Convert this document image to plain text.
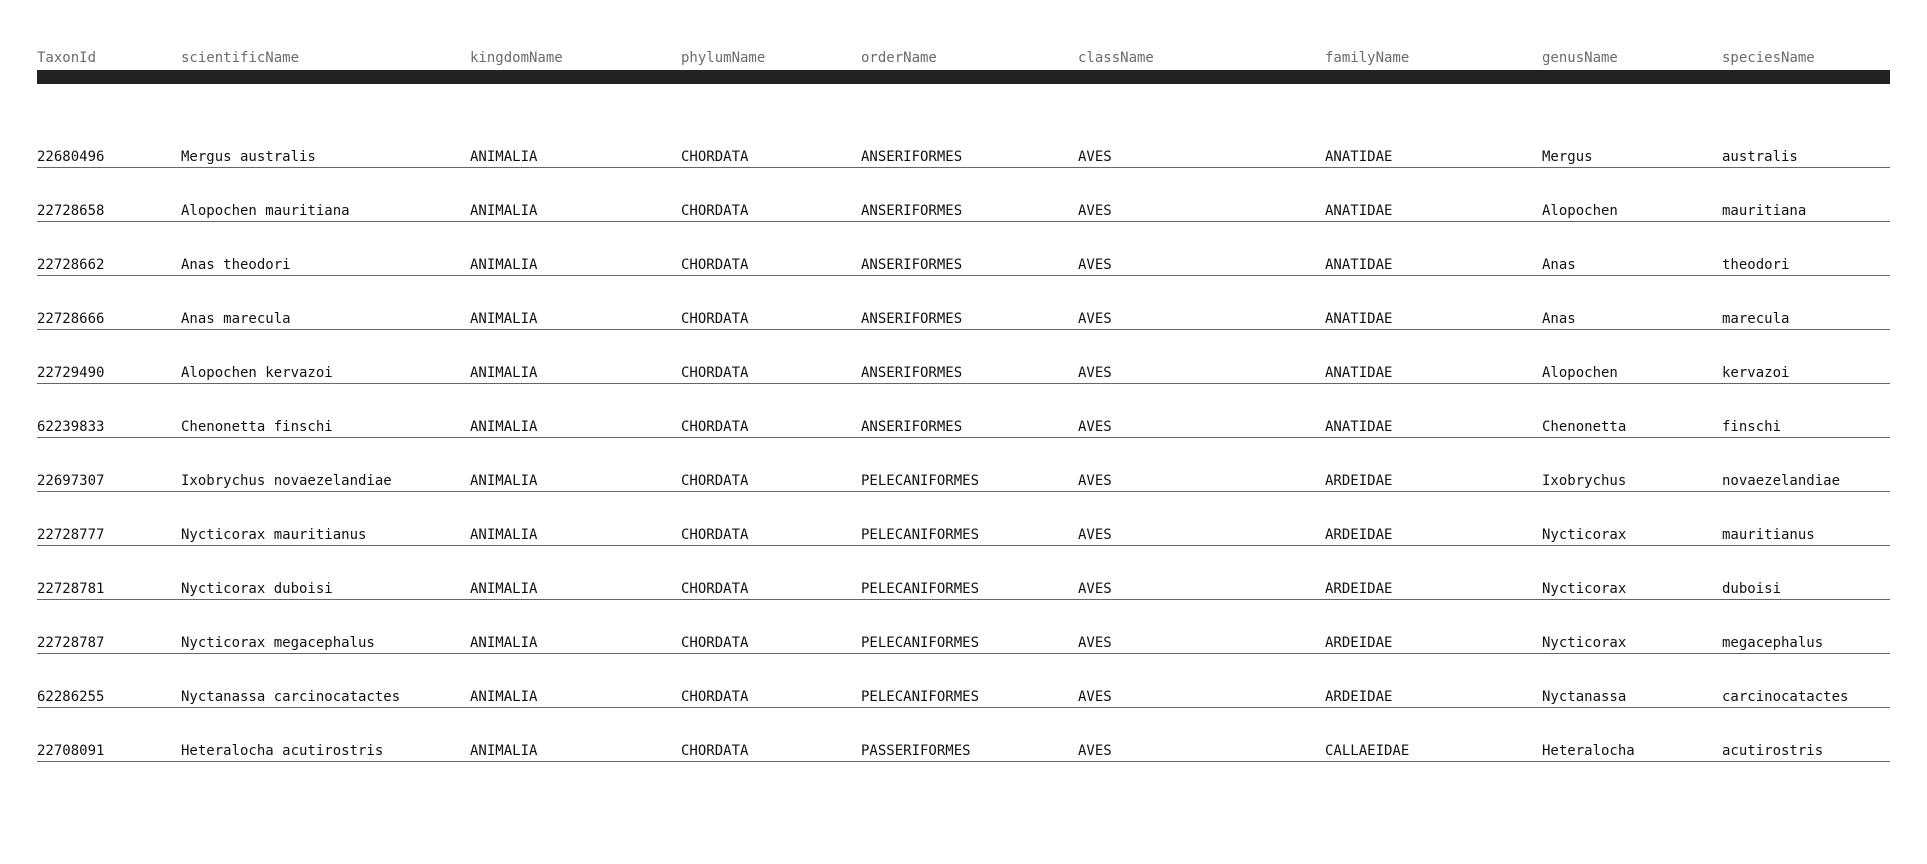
TaxonId	scientificName	kingdomName	phylumName	orderName	className	familyName	genusName	speciesName
22680496	Mergus australis	ANIMALIA	CHORDATA	ANSERIFORMES	AVES	ANATIDAE	Mergus	australis
22728658	Alopochen mauritiana	ANIMALIA	CHORDATA	ANSERIFORMES	AVES	ANATIDAE	Alopochen	mauritiana
22728662	Anas theodori	ANIMALIA	CHORDATA	ANSERIFORMES	AVES	ANATIDAE	Anas	theodori
22728666	Anas marecula	ANIMALIA	CHORDATA	ANSERIFORMES	AVES	ANATIDAE	Anas	marecula
22729490	Alopochen kervazoi	ANIMALIA	CHORDATA	ANSERIFORMES	AVES	ANATIDAE	Alopochen	kervazoi
62239833	Chenonetta finschi	ANIMALIA	CHORDATA	ANSERIFORMES	AVES	ANATIDAE	Chenonetta	finschi
22697307	Ixobrychus novaezelandiae	ANIMALIA	CHORDATA	PELECANIFORMES	AVES	ARDEIDAE	Ixobrychus	novaezelandiae
22728777	Nycticorax mauritianus	ANIMALIA	CHORDATA	PELECANIFORMES	AVES	ARDEIDAE	Nycticorax	mauritianus
22728781	Nycticorax duboisi	ANIMALIA	CHORDATA	PELECANIFORMES	AVES	ARDEIDAE	Nycticorax	duboisi
22728787	Nycticorax megacephalus	ANIMALIA	CHORDATA	PELECANIFORMES	AVES	ARDEIDAE	Nycticorax	megacephalus
62286255	Nyctanassa carcinocatactes	ANIMALIA	CHORDATA	PELECANIFORMES	AVES	ARDEIDAE	Nyctanassa	carcinocatactes
22708091	Heteralocha acutirostris	ANIMALIA	CHORDATA	PASSERIFORMES	AVES	CALLAEIDAE	Heteralocha	acutirostris
